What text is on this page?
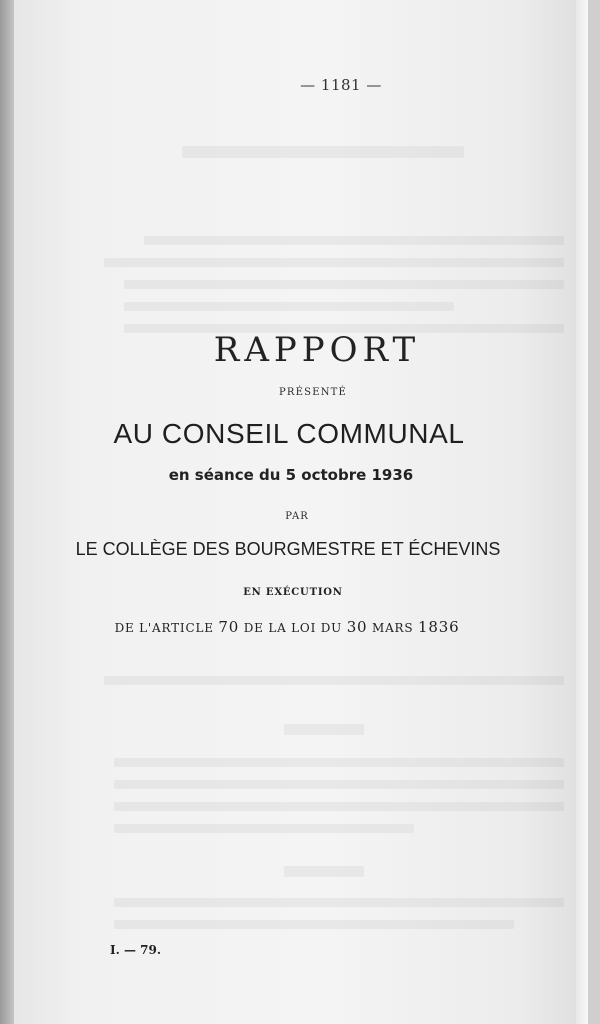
— 1181 —
RAPPORT
PRÉSENTÉ
AU CONSEIL COMMUNAL
en séance du 5 octobre 1936
PAR
LE COLLÈGE DES BOURGMESTRE ET ÉCHEVINS
EN EXÉCUTION
DE L'ARTICLE 70 DE LA LOI DU 30 MARS 1836
I. — 79.
